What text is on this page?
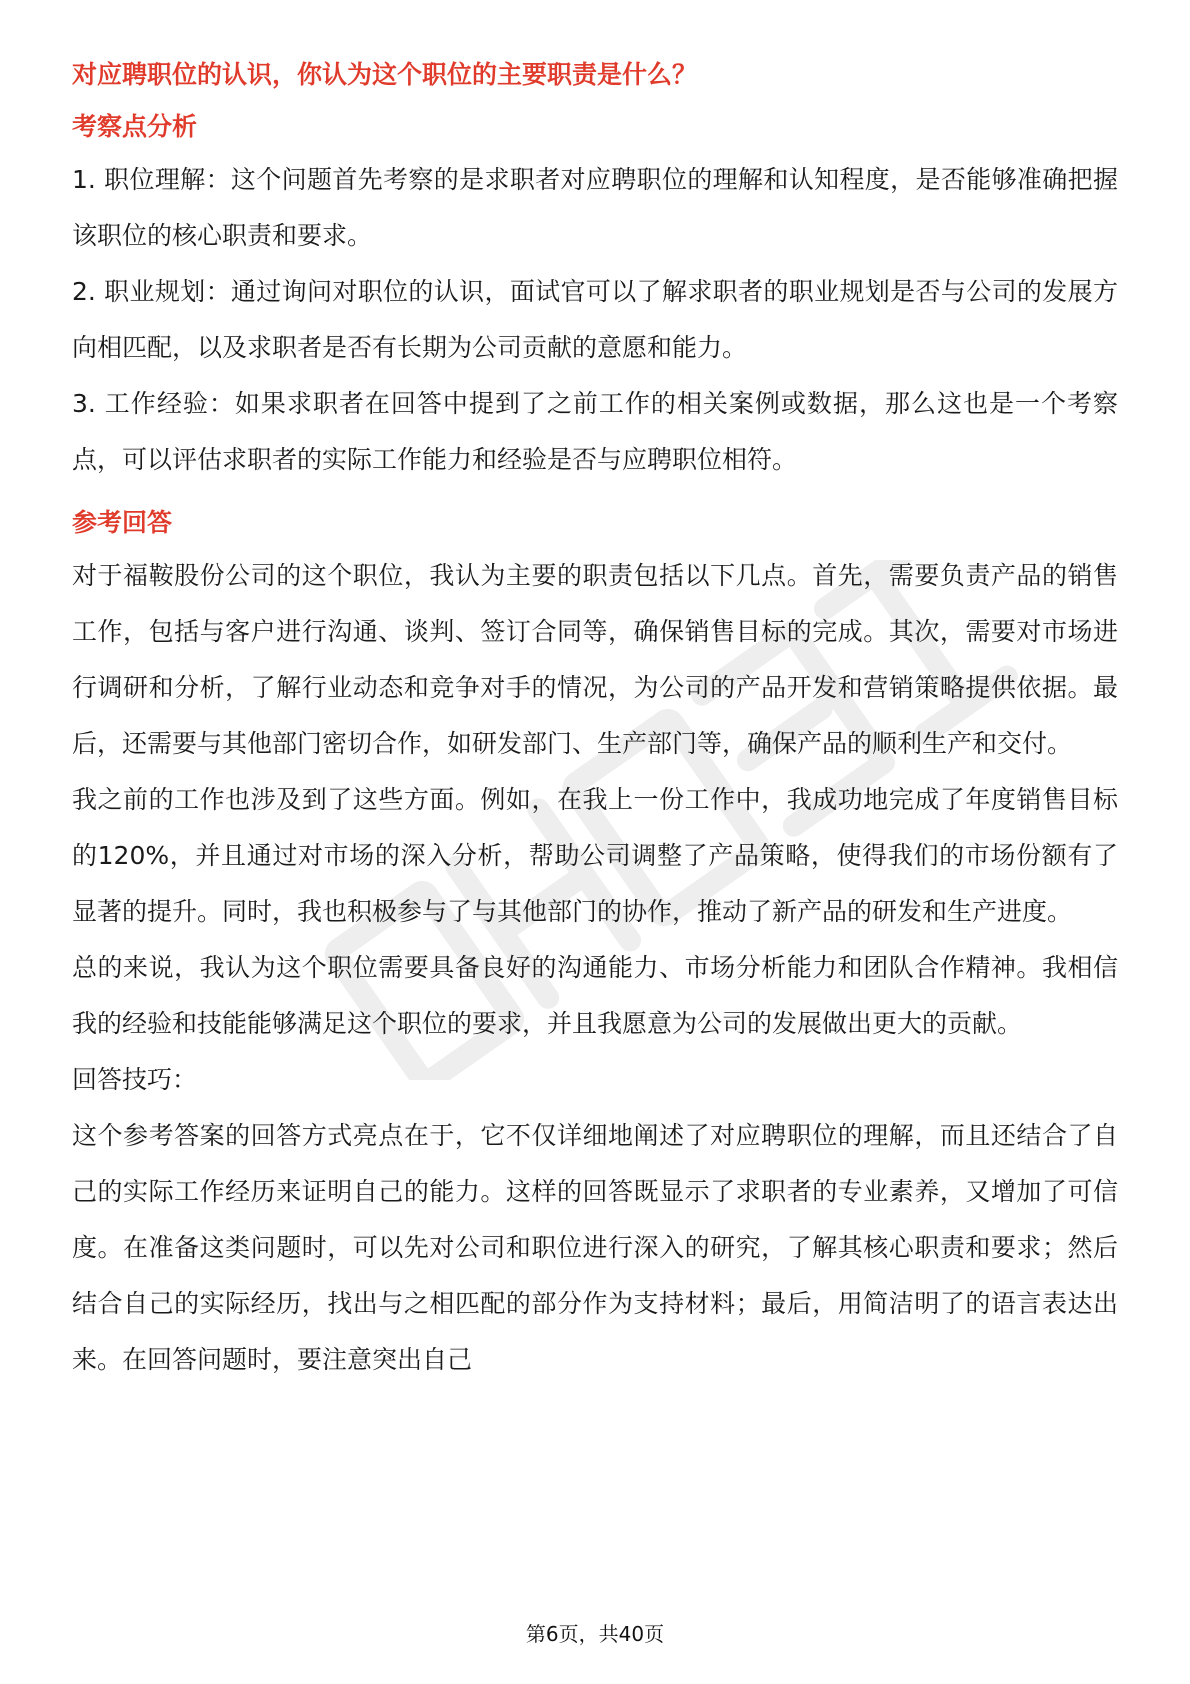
对应聘职位的认识，你认为这个职位的主要职责是什么？
考察点分析

1. 职位理解：这个问题首先考察的是求职者对应聘职位的理解和认知程度，是否能够准确把握该职位的核心职责和要求。

2. 职业规划：通过询问对职位的认识，面试官可以了解求职者的职业规划是否与公司的发展方向相匹配，以及求职者是否有长期为公司贡献的意愿和能力。

3. 工作经验：如果求职者在回答中提到了之前工作的相关案例或数据，那么这也是一个考察点，可以评估求职者的实际工作能力和经验是否与应聘职位相符。

参考回答

对于福鞍股份公司的这个职位，我认为主要的职责包括以下几点。首先，需要负责产品的销售工作，包括与客户进行沟通、谈判、签订合同等，确保销售目标的完成。其次，需要对市场进行调研和分析，了解行业动态和竞争对手的情况，为公司的产品开发和营销策略提供依据。最后，还需要与其他部门密切合作，如研发部门、生产部门等，确保产品的顺利生产和交付。

我之前的工作也涉及到了这些方面。例如，在我上一份工作中，我成功地完成了年度销售目标的120%，并且通过对市场的深入分析，帮助公司调整了产品策略，使得我们的市场份额有了显著的提升。同时，我也积极参与了与其他部门的协作，推动了新产品的研发和生产进度。

总的来说，我认为这个职位需要具备良好的沟通能力、市场分析能力和团队合作精神。我相信我的经验和技能能够满足这个职位的要求，并且我愿意为公司的发展做出更大的贡献。

回答技巧：

这个参考答案的回答方式亮点在于，它不仅详细地阐述了对应聘职位的理解，而且还结合了自己的实际工作经历来证明自己的能力。这样的回答既显示了求职者的专业素养，又增加了可信度。在准备这类问题时，可以先对公司和职位进行深入的研究，了解其核心职责和要求；然后结合自己的实际经历，找出与之相匹配的部分作为支持材料；最后，用简洁明了的语言表达出来。在回答问题时，要注意突出自己

第6页，共40页
